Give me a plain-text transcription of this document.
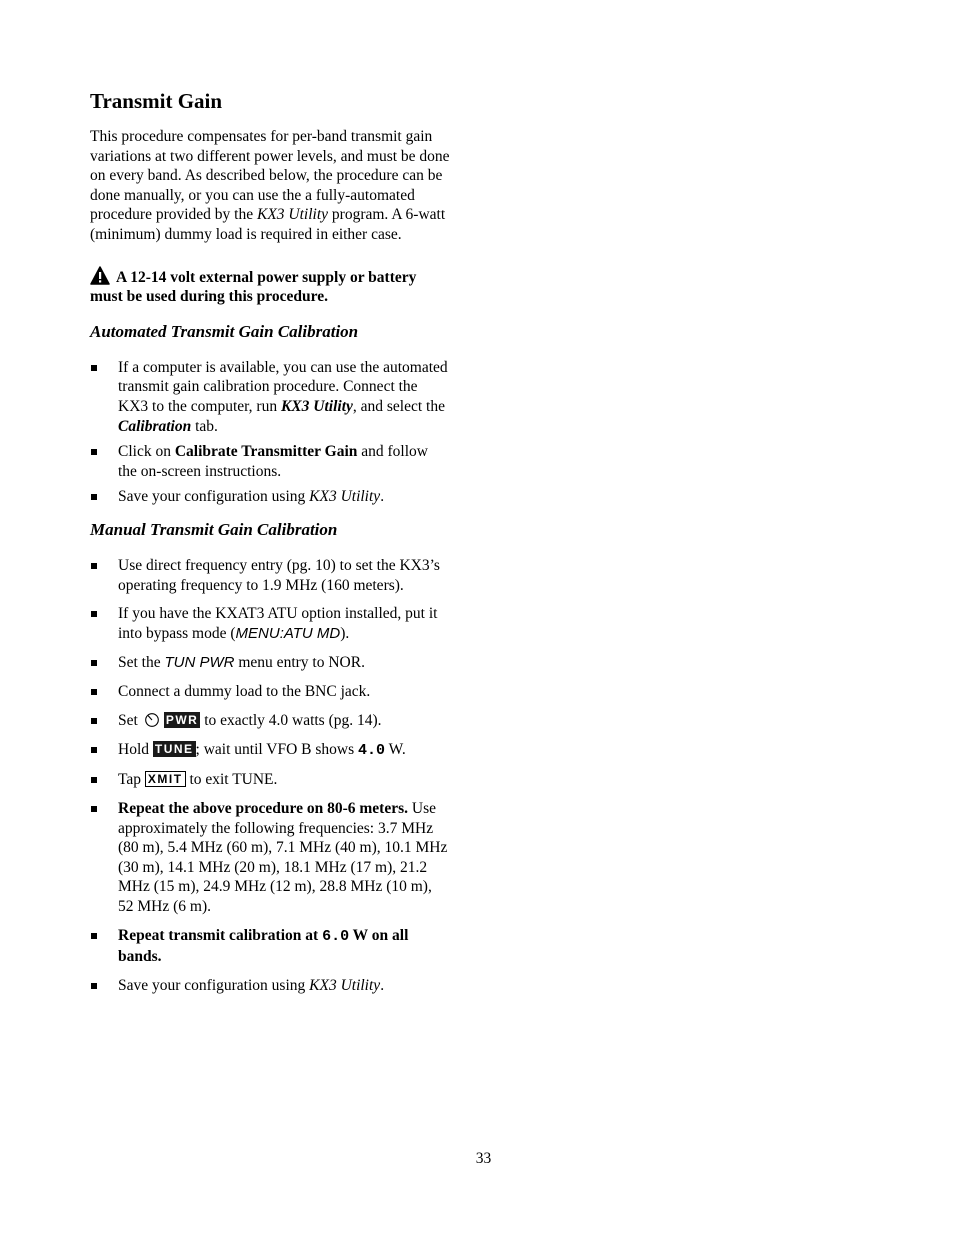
Transmit Gain

This procedure compensates for per-band transmit gain variations at two different power levels, and must be done on every band. As described below, the procedure can be done manually, or you can use the a fully-automated procedure provided by the KX3 Utility program. A 6-watt (minimum) dummy load is required in either case.

A 12-14 volt external power supply or battery must be used during this procedure.

Automated Transmit Gain Calibration
If a computer is available, you can use the automated transmit gain calibration procedure. Connect the KX3 to the computer, run KX3 Utility, and select the Calibration tab.
Click on Calibrate Transmitter Gain and follow the on-screen instructions.
Save your configuration using KX3 Utility.
Manual Transmit Gain Calibration
Use direct frequency entry (pg. 10) to set the KX3’s operating frequency to 1.9 MHz (160 meters).
If you have the KXAT3 ATU option installed, put it into bypass mode (MENU:ATU MD).
Set the TUN PWR menu entry to NOR.
Connect a dummy load to the BNC jack.
Set PWR to exactly 4.0 watts (pg. 14).
Hold TUNE ; wait until VFO B shows 4.0 W.
Tap XMIT to exit TUNE.
Repeat the above procedure on 80-6 meters. Use approximately the following frequencies: 3.7 MHz (80 m), 5.4 MHz (60 m), 7.1 MHz (40 m), 10.1 MHz (30 m), 14.1 MHz (20 m), 18.1 MHz (17 m), 21.2 MHz (15 m), 24.9 MHz (12 m), 28.8 MHz (10 m), 52 MHz (6 m).
Repeat transmit calibration at 6.0 W on all bands.
Save your configuration using KX3 Utility.
33
